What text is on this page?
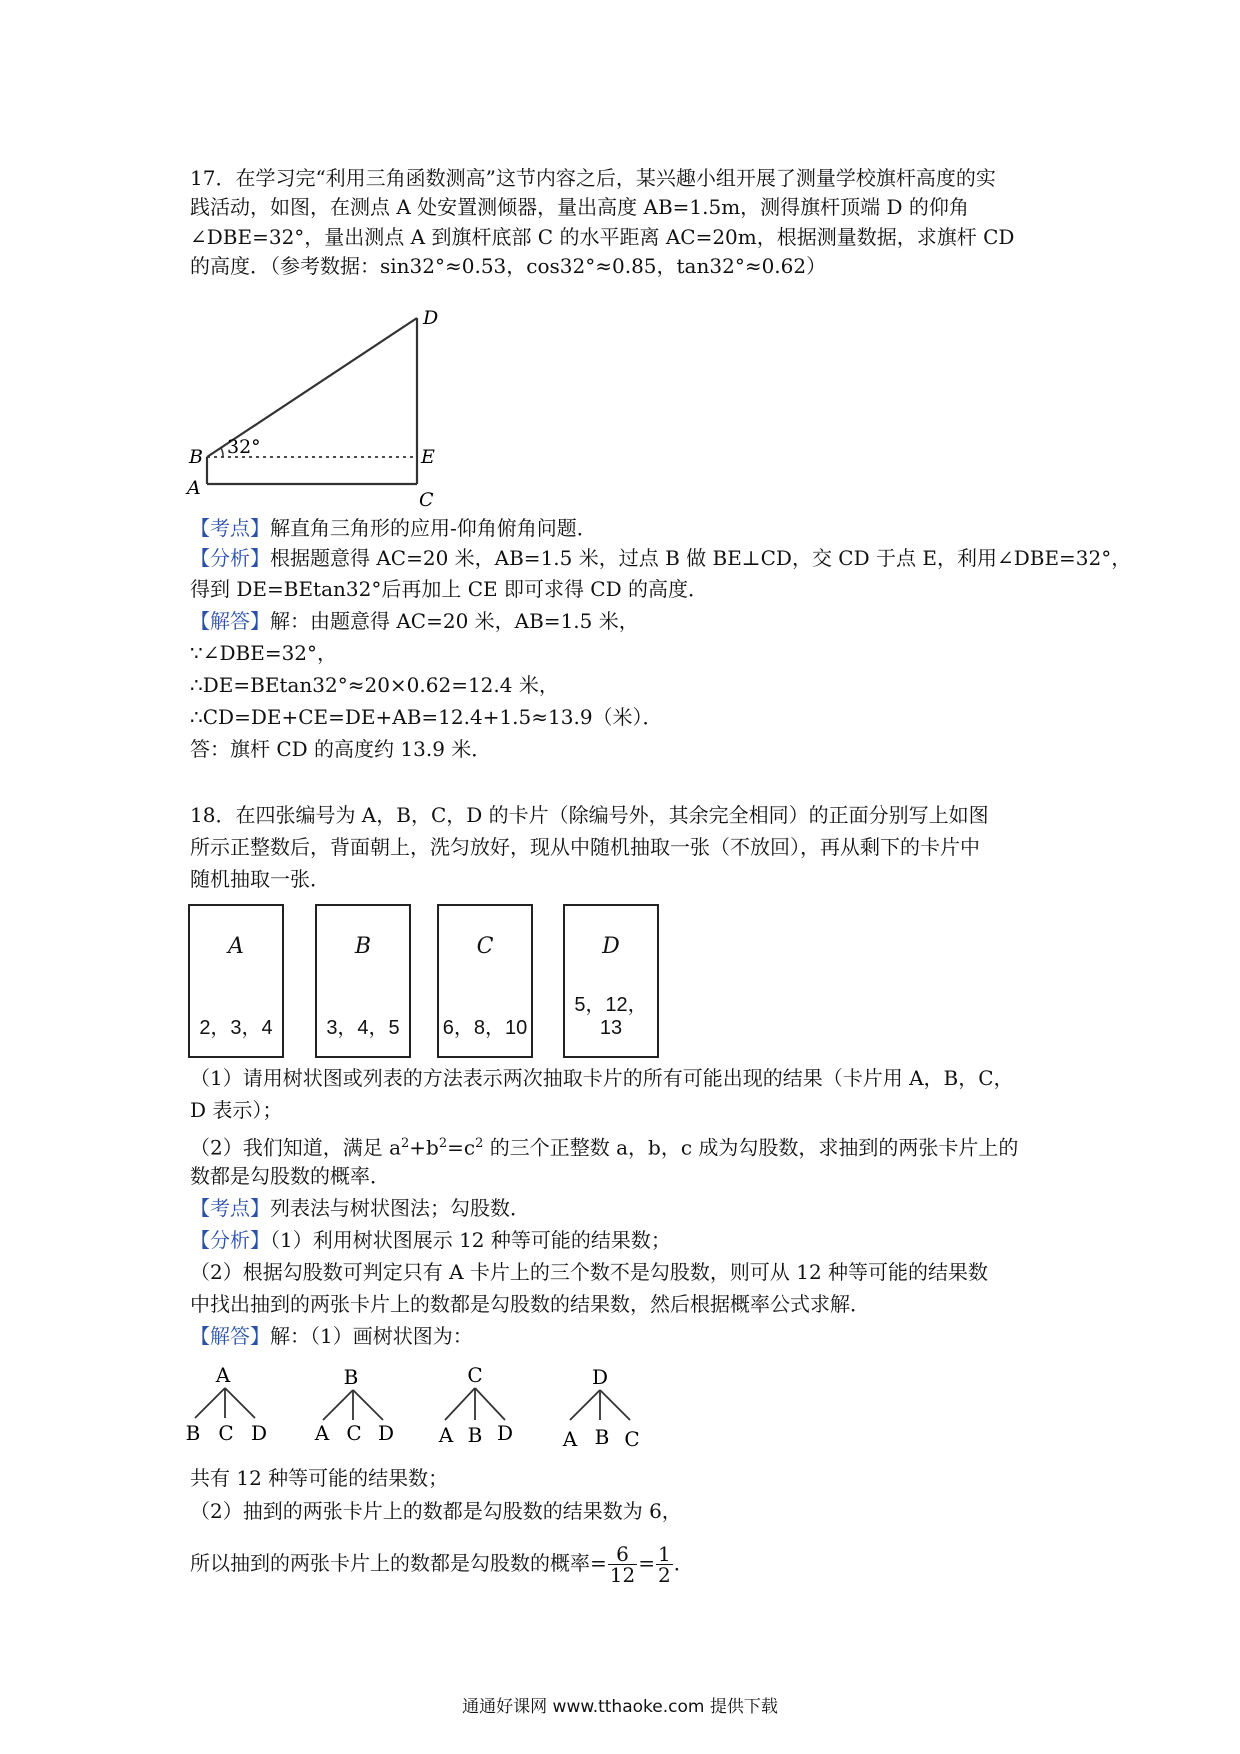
17．在学习完“利用三角函数测高”这节内容之后，某兴趣小组开展了测量学校旗杆高度的实
践活动，如图，在测点 A 处安置测倾器，量出高度 AB=1.5m，测得旗杆顶端 D 的仰角
∠DBE=32°，量出测点 A 到旗杆底部 C 的水平距离 AC=20m，根据测量数据，求旗杆 CD
的高度．（参考数据：sin32°≈0.53，cos32°≈0.85，tan32°≈0.62）
B
A
C
D
E
32°
【考点】解直角三角形的应用-仰角俯角问题．
【分析】根据题意得 AC=20 米，AB=1.5 米，过点 B 做 BE⊥CD，交 CD 于点 E，利用∠DBE=32°，
得到 DE=BEtan32°后再加上 CE 即可求得 CD 的高度．
【解答】解：由题意得 AC=20 米，AB=1.5 米，
∵∠DBE=32°，
∴DE=BEtan32°≈20×0.62=12.4 米，
∴CD=DE+CE=DE+AB=12.4+1.5≈13.9（米）．
答：旗杆 CD 的高度约 13.9 米．
18．在四张编号为 A，B，C，D 的卡片（除编号外，其余完全相同）的正面分别写上如图
所示正整数后，背面朝上，洗匀放好，现从中随机抽取一张（不放回），再从剩下的卡片中
随机抽取一张．
A
2，3，4
B
3，4，5
C
6，8，10
D
5，12，13
（1）请用树状图或列表的方法表示两次抽取卡片的所有可能出现的结果（卡片用 A，B，C，
D 表示）；
（2）我们知道，满足 $a^2+b^2=c^2$ 的三个正整数 a，b，c 成为勾股数，求抽到的两张卡片上的
数都是勾股数的概率．
【考点】列表法与树状图法；勾股数．
【分析】（1）利用树状图展示 12 种等可能的结果数；
（2）根据勾股数可判定只有 A 卡片上的三个数不是勾股数，则可从 12 种等可能的结果数
中找出抽到的两张卡片上的数都是勾股数的结果数，然后根据概率公式求解．
【解答】解：（1）画树状图为：
A
B C D
B
A C D
C
A B D
D
A B C
共有 12 种等可能的结果数；
（2）抽到的两张卡片上的数都是勾股数的结果数为 6，
所以抽到的两张卡片上的数都是勾股数的概率= $\frac{6}{12} = \frac{1}{2}$ ．
通通好课网 www.tthaoke.com 提供下载
